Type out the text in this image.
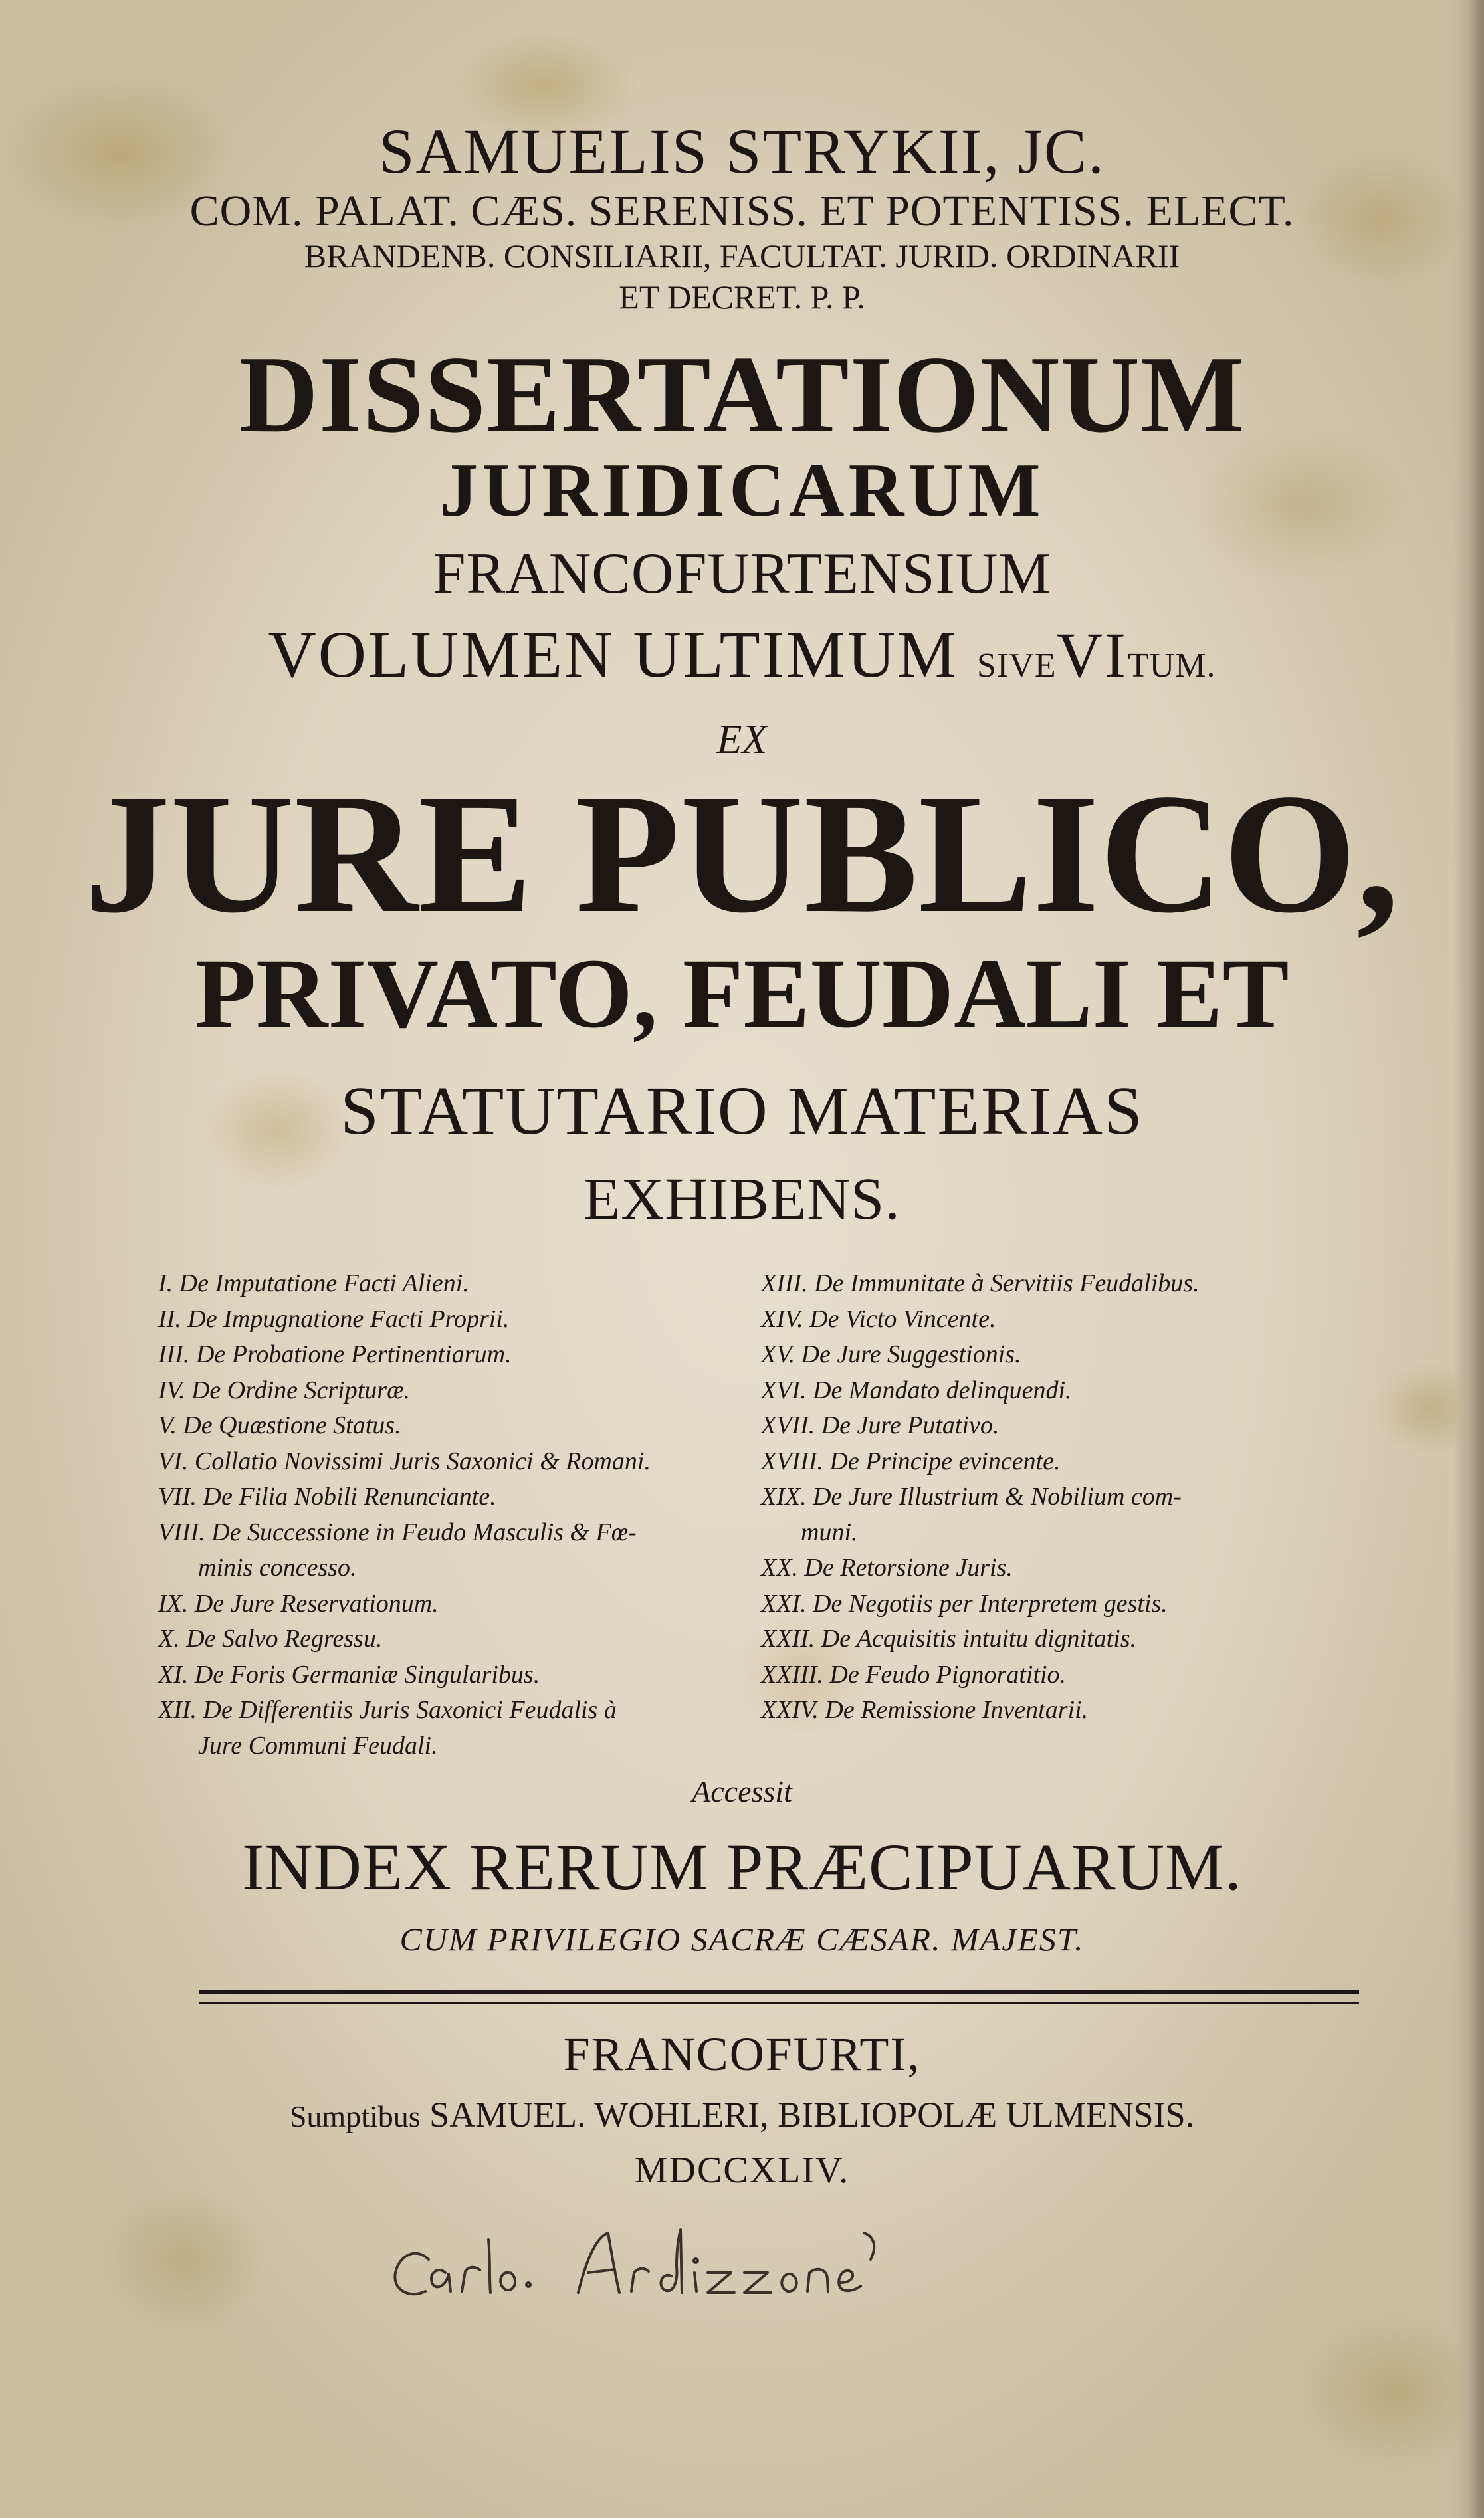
SAMUELIS STRYKII, JC.
COM. PALAT. CÆS. SERENISS. ET POTENTISS. ELECT.
BRANDENB. CONSILIARII, FACULTAT. JURID. ORDINARII
ET DECRET. P. P.
DISSERTATIONUM
JURIDICARUM
FRANCOFURTENSIUM
VOLUMEN ULTIMUM SIVEVITUM.
EX
JURE PUBLICO,
PRIVATO, FEUDALI ET
STATUTARIO MATERIAS
EXHIBENS.
I. De Imputatione Facti Alieni.
II. De Impugnatione Facti Proprii.
III. De Probatione Pertinentiarum.
IV. De Ordine Scripturæ.
V. De Quæstione Status.
VI. Collatio Novissimi Juris Saxonici & Romani.
VII. De Filia Nobili Renunciante.
VIII. De Successione in Feudo Masculis & Fœ-
minis concesso.
IX. De Jure Reservationum.
X. De Salvo Regressu.
XI. De Foris Germaniæ Singularibus.
XII. De Differentiis Juris Saxonici Feudalis à
Jure Communi Feudali.
XIII. De Immunitate à Servitiis Feudalibus.
XIV. De Victo Vincente.
XV. De Jure Suggestionis.
XVI. De Mandato delinquendi.
XVII. De Jure Putativo.
XVIII. De Principe evincente.
XIX. De Jure Illustrium & Nobilium com-
muni.
XX. De Retorsione Juris.
XXI. De Negotiis per Interpretem gestis.
XXII. De Acquisitis intuitu dignitatis.
XXIII. De Feudo Pignoratitio.
XXIV. De Remissione Inventarii.
Accessit
INDEX RERUM PRÆCIPUARUM.
CUM PRIVILEGIO SACRÆ CÆSAR. MAJEST.
FRANCOFURTI,
Sumptibus SAMUEL. WOHLERI, BIBLIOPOLÆ ULMENSIS.
MDCCXLIV.
